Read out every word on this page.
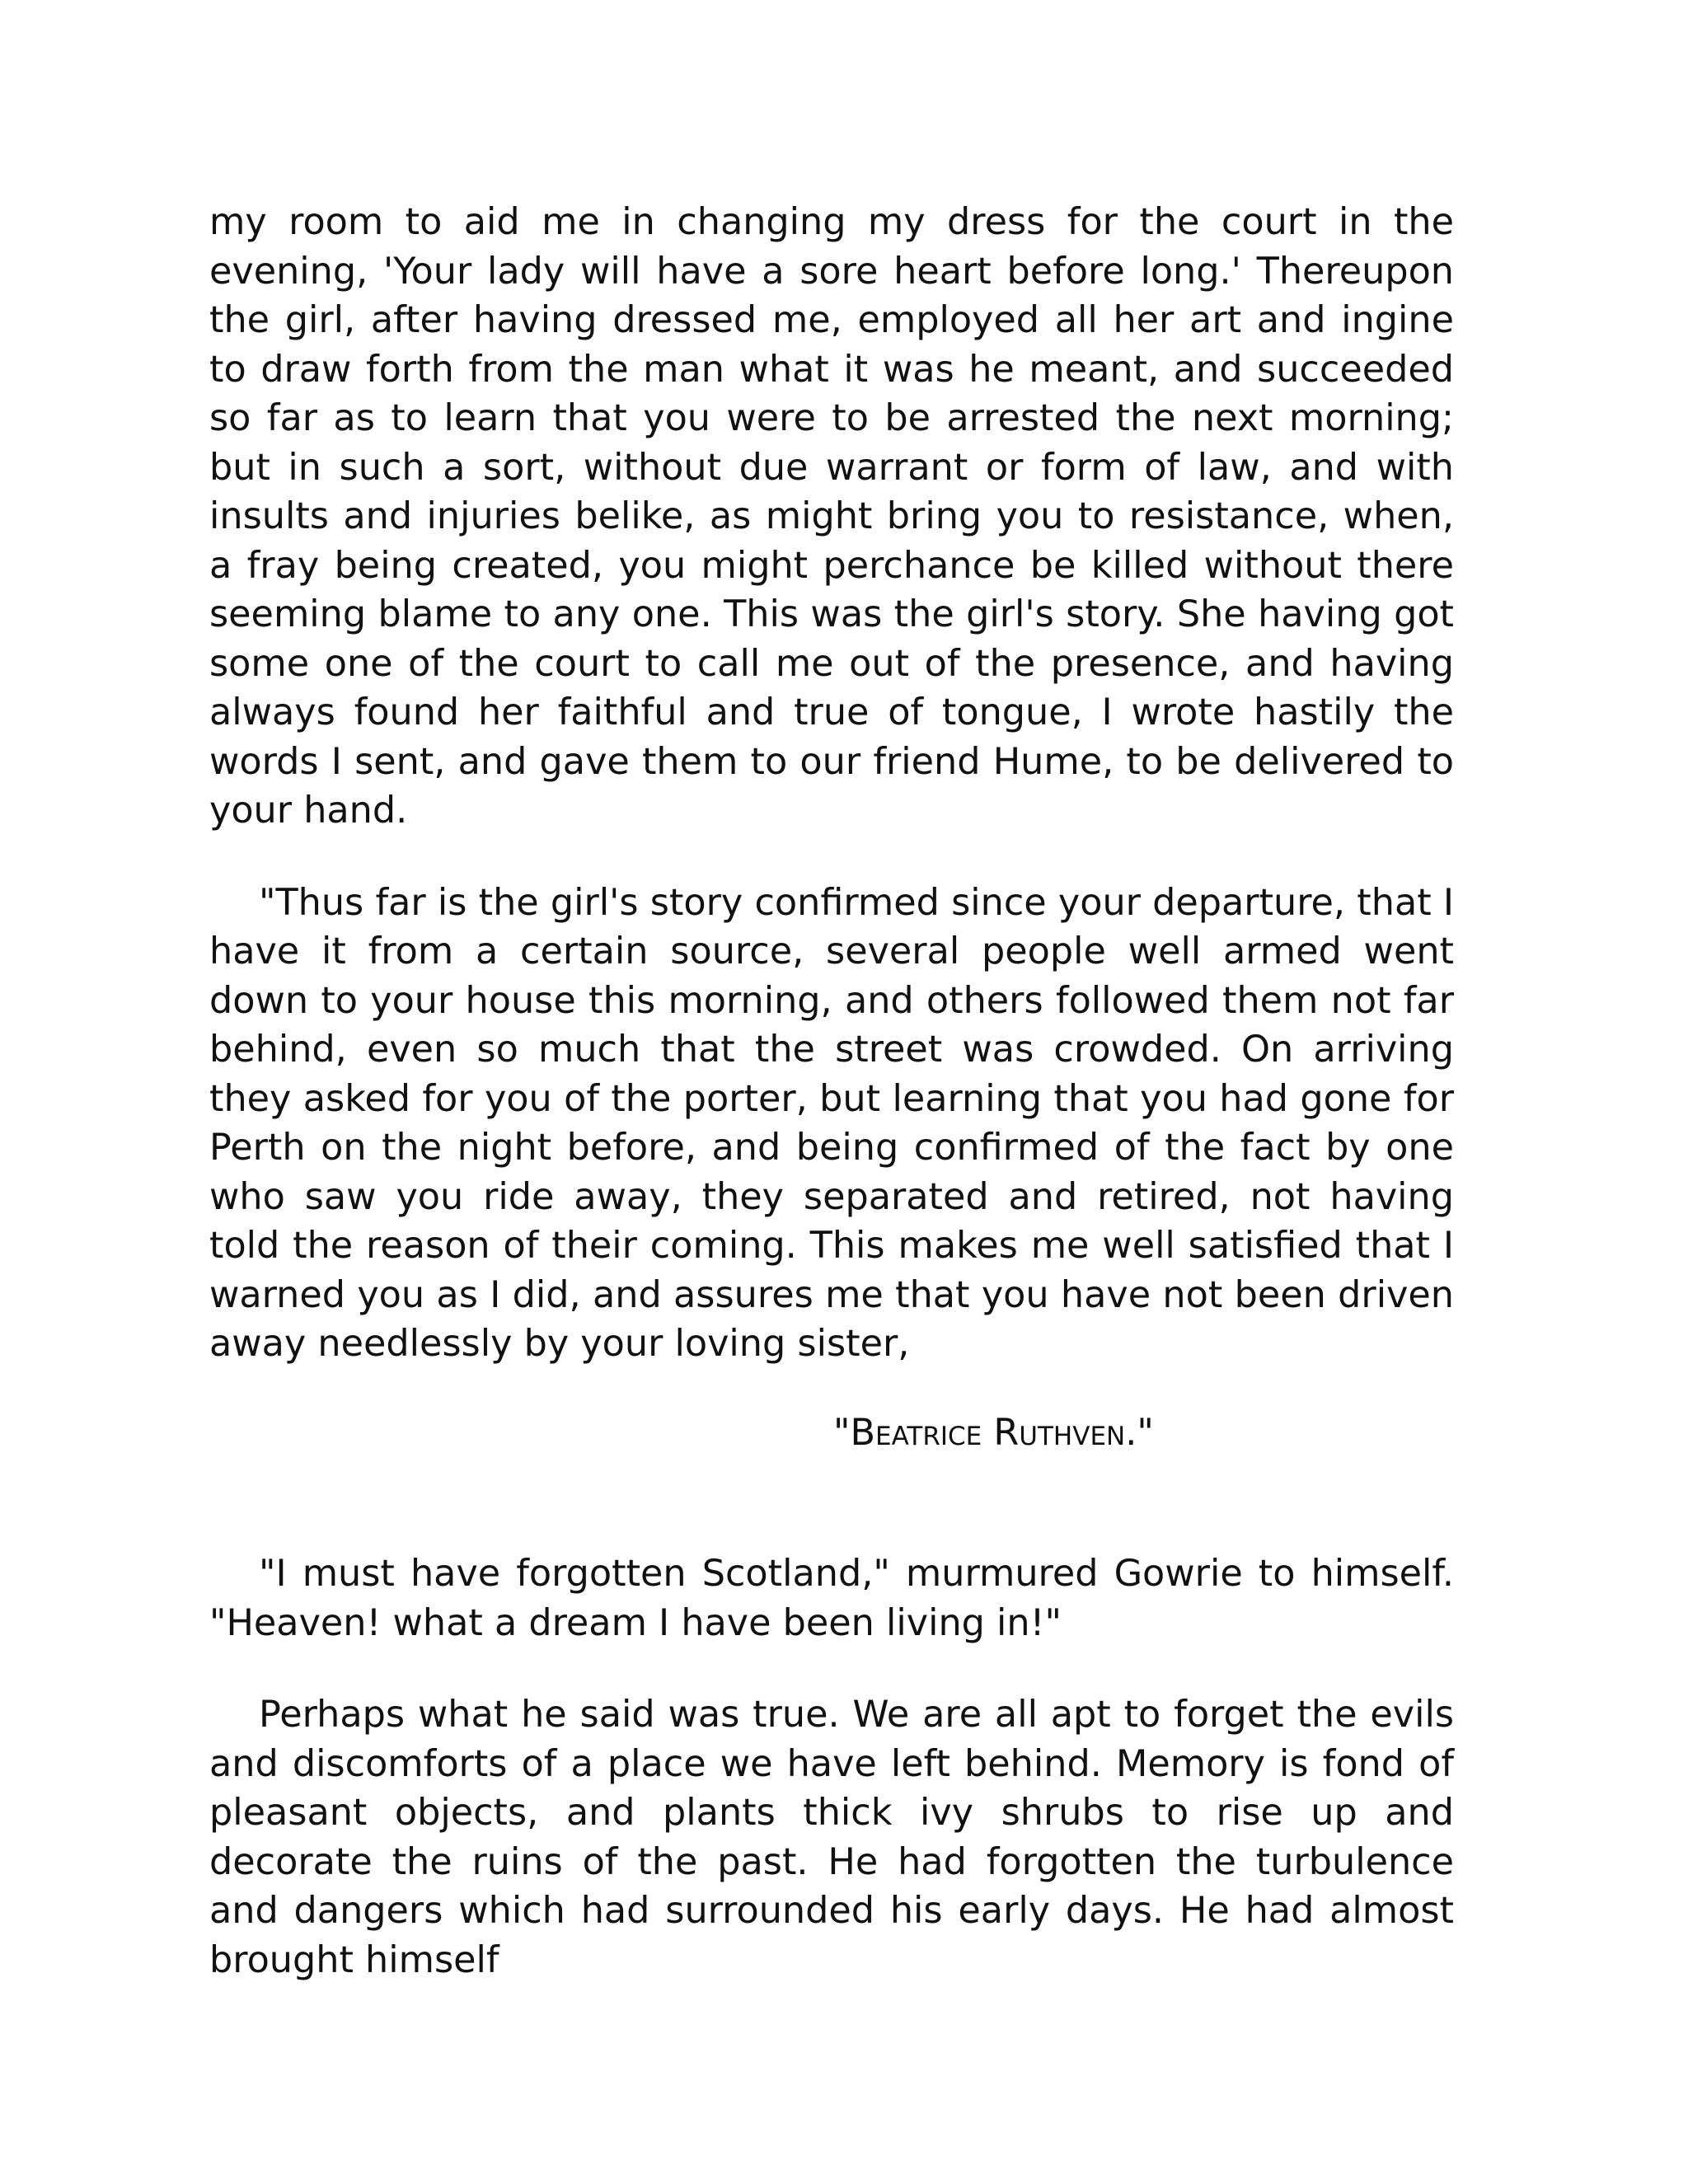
my room to aid me in changing my dress for the court in the evening, 'Your lady will have a sore heart before long.' Thereupon the girl, after having dressed me, employed all her art and ingine to draw forth from the man what it was he meant, and succeeded so far as to learn that you were to be arrested the next morning; but in such a sort, without due warrant or form of law, and with insults and injuries belike, as might bring you to resistance, when, a fray being created, you might perchance be killed without there seeming blame to any one. This was the girl's story. She having got some one of the court to call me out of the presence, and having always found her faithful and true of tongue, I wrote hastily the words I sent, and gave them to our friend Hume, to be delivered to your hand.

"Thus far is the girl's story confirmed since your departure, that I have it from a certain source, several people well armed went down to your house this morning, and others followed them not far behind, even so much that the street was crowded. On arriving they asked for you of the porter, but learning that you had gone for Perth on the night before, and being confirmed of the fact by one who saw you ride away, they separated and retired, not having told the reason of their coming. This makes me well satisfied that I warned you as I did, and assures me that you have not been driven away needlessly by your loving sister,

"Beatrice Ruthven."

"I must have forgotten Scotland," murmured Gowrie to himself. "Heaven! what a dream I have been living in!"

Perhaps what he said was true. We are all apt to forget the evils and discomforts of a place we have left behind. Memory is fond of pleasant objects, and plants thick ivy shrubs to rise up and decorate the ruins of the past. He had forgotten the turbulence and dangers which had surrounded his early days. He had almost brought himself
